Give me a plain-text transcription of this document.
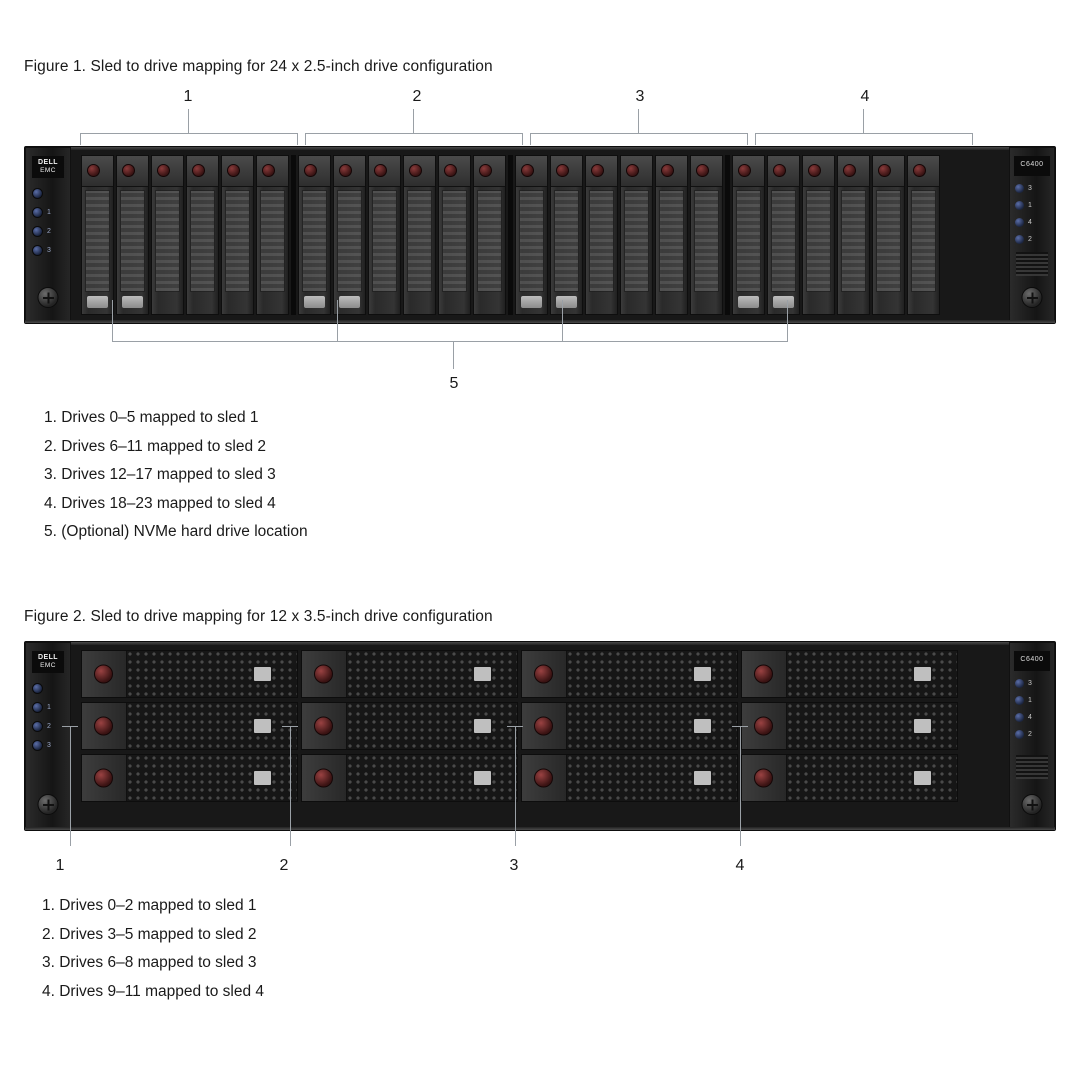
Figure 1. Sled to drive mapping for 24 x 2.5-inch drive configuration
1	2	3	4
5
DELL
EMC
1
2
3
C6400
3
1
4
2
1. Drives 0–5 mapped to sled 1
2. Drives 6–11 mapped to sled 2
3. Drives 12–17 mapped to sled 3
4. Drives 18–23 mapped to sled 4
5. (Optional) NVMe hard drive location
Figure 2. Sled to drive mapping for 12 x 3.5-inch drive configuration
DELL
EMC
1
2
3
C6400
3
1
4
2
1	2	3	4
1. Drives 0–2 mapped to sled 1
2. Drives 3–5 mapped to sled 2
3. Drives 6–8 mapped to sled 3
4. Drives 9–11 mapped to sled 4
